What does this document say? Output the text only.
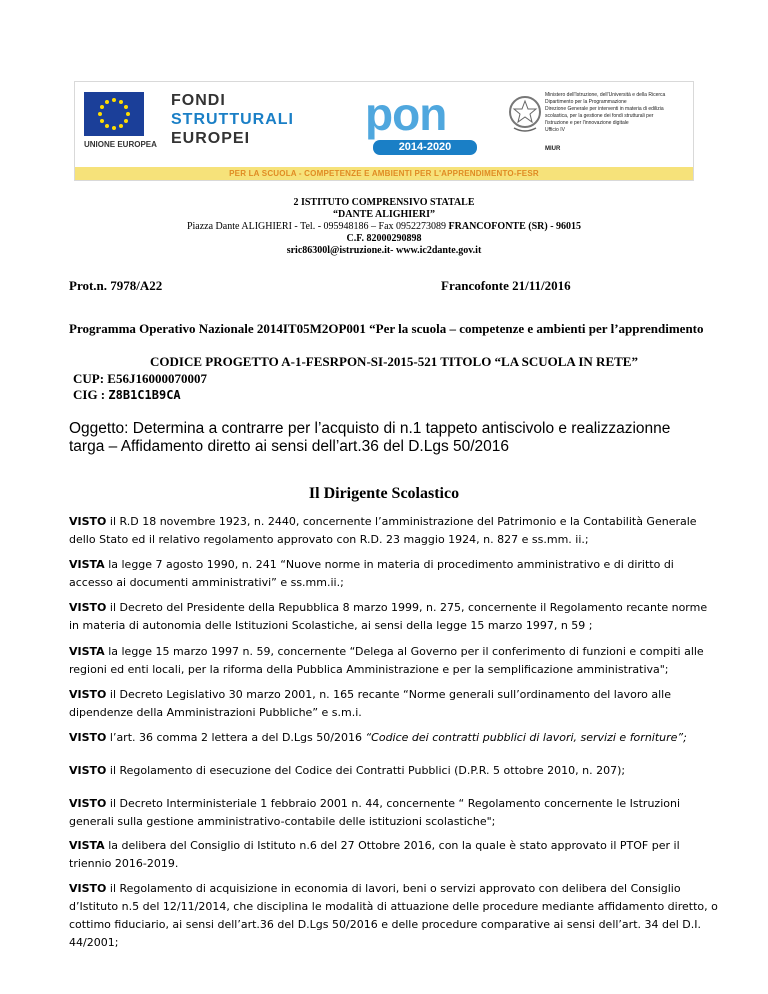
UNIONE EUROPEA
FONDI
STRUTTURALI
EUROPEI	pon
2014-2020
Ministero dell'Istruzione, dell'Università e della Ricerca
Dipartimento per la Programmazione
Direzione Generale per interventi in materia di edilizia
scolastica, per la gestione dei fondi strutturali per
l'istruzione e per l'innovazione digitale
Ufficio IV
MIUR
PER LA SCUOLA - COMPETENZE E AMBIENTI PER L'APPRENDIMENTO-FESR
2 ISTITUTO COMPRENSIVO STATALE
“DANTE ALIGHIERI”
Piazza Dante ALIGHIERI - Tel. - 095948186 – Fax 0952273089 FRANCOFONTE (SR) - 96015
C.F. 82000290898
sric86300l@istruzione.it- www.ic2dante.gov.it
Prot.n. 7978/A22	Francofonte 21/11/2016
Programma Operativo Nazionale 2014IT05M2OP001 “Per la scuola – competenze e ambienti per l’apprendimento
CODICE PROGETTO A-1-FESRPON-SI-2015-521 TITOLO “LA SCUOLA IN RETE”
CUP: E56J16000070007
CIG : Z8B1C1B9CA
Oggetto: Determina a contrarre per l’acquisto di n.1 tappeto antiscivolo e realizzazionne targa – Affidamento diretto ai sensi dell’art.36 del D.Lgs 50/2016
Il Dirigente Scolastico
VISTO il R.D 18 novembre 1923, n. 2440, concernente l’amministrazione del Patrimonio e la Contabilità Generale dello Stato ed il relativo regolamento approvato con R.D. 23 maggio 1924, n. 827 e ss.mm. ii.;
VISTA la legge 7 agosto 1990, n. 241 “Nuove norme in materia di procedimento amministrativo e di diritto di accesso ai documenti amministrativi” e ss.mm.ii.;
VISTO il Decreto del Presidente della Repubblica 8 marzo 1999, n. 275, concernente il Regolamento recante norme in materia di autonomia delle Istituzioni Scolastiche, ai sensi della legge 15 marzo 1997, n 59 ;
VISTA la legge 15 marzo 1997 n. 59, concernente “Delega al Governo per il conferimento di funzioni e compiti alle regioni ed enti locali, per la riforma della Pubblica Amministrazione e per la semplificazione amministrativa";
VISTO il Decreto Legislativo 30 marzo 2001, n. 165 recante “Norme generali sull’ordinamento del lavoro alle dipendenze della Amministrazioni Pubbliche” e s.m.i.
VISTO l’art. 36 comma 2 lettera a del D.Lgs 50/2016 “Codice dei contratti pubblici di lavori, servizi e forniture”;
VISTO il Regolamento di esecuzione del Codice dei Contratti Pubblici (D.P.R. 5 ottobre 2010, n. 207);
VISTO il Decreto Interministeriale 1 febbraio 2001 n. 44, concernente “ Regolamento concernente le Istruzioni generali sulla gestione amministrativo-contabile delle istituzioni scolastiche";
VISTA la delibera del Consiglio di Istituto n.6 del 27 Ottobre 2016, con la quale è stato approvato il PTOF per il triennio 2016-2019.
VISTO il Regolamento di acquisizione in economia di lavori, beni o servizi approvato con delibera del Consiglio d’Istituto n.5 del 12/11/2014, che disciplina le modalità di attuazione delle procedure mediante affidamento diretto, o cottimo fiduciario, ai sensi dell’art.36 del D.Lgs 50/2016 e delle procedure comparative ai sensi dell’art. 34 del D.I. 44/2001;
